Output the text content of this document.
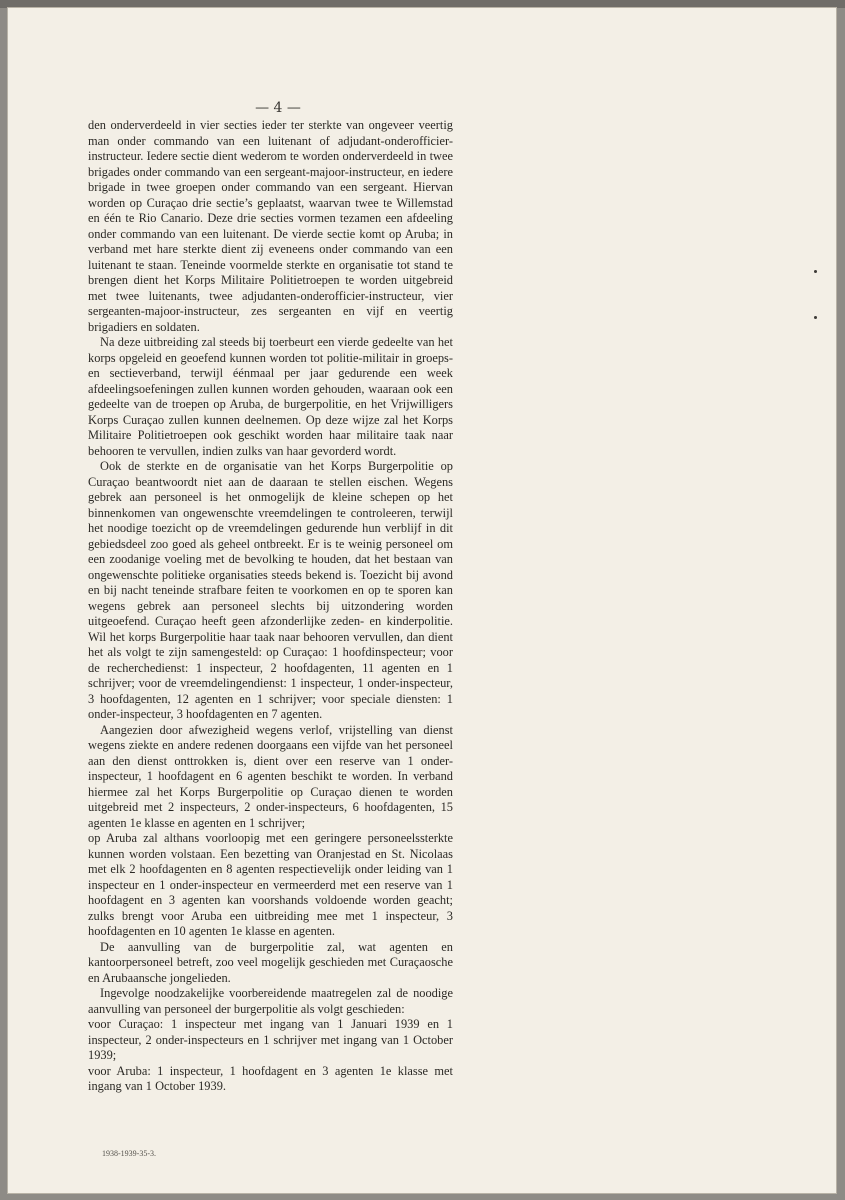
— 4 —

den onderverdeeld in vier secties ieder ter sterkte van ongeveer veertig man onder commando van een luitenant of adjudant-onderofficier-instructeur. Iedere sectie dient wederom te worden onderverdeeld in twee brigades onder commando van een sergeant-majoor-instructeur, en iedere brigade in twee groepen onder commando van een sergeant. Hiervan worden op Curaçao drie sectie’s geplaatst, waarvan twee te Willemstad en één te Rio Canario. Deze drie secties vormen tezamen een afdeeling onder commando van een luitenant. De vierde sectie komt op Aruba; in verband met hare sterkte dient zij eveneens onder commando van een luitenant te staan. Teneinde voormelde sterkte en organisatie tot stand te brengen dient het Korps Militaire Politietroepen te worden uitgebreid met twee luitenants, twee adjudanten-onderofficier-instructeur, vier sergeanten-majoor-instructeur, zes sergeanten en vijf en veertig brigadiers en soldaten.

Na deze uitbreiding zal steeds bij toerbeurt een vierde gedeelte van het korps opgeleid en geoefend kunnen worden tot politie-militair in groeps- en sectieverband, terwijl éénmaal per jaar gedurende een week afdeelingsoefeningen zullen kunnen worden gehouden, waaraan ook een gedeelte van de troepen op Aruba, de burgerpolitie, en het Vrijwilligers Korps Curaçao zullen kunnen deelnemen. Op deze wijze zal het Korps Militaire Politietroepen ook geschikt worden haar militaire taak naar behooren te vervullen, indien zulks van haar gevorderd wordt.

Ook de sterkte en de organisatie van het Korps Burgerpolitie op Curaçao beantwoordt niet aan de daaraan te stellen eischen. Wegens gebrek aan personeel is het onmogelijk de kleine schepen op het binnenkomen van ongewenschte vreemdelingen te controleeren, terwijl het noodige toezicht op de vreemdelingen gedurende hun verblijf in dit gebiedsdeel zoo goed als geheel ontbreekt. Er is te weinig personeel om een zoodanige voeling met de bevolking te houden, dat het bestaan van ongewenschte politieke organisaties steeds bekend is. Toezicht bij avond en bij nacht teneinde strafbare feiten te voorkomen en op te sporen kan wegens gebrek aan personeel slechts bij uitzondering worden uitgeoefend. Curaçao heeft geen afzonderlijke zeden- en kinderpolitie. Wil het korps Burgerpolitie haar taak naar behooren vervullen, dan dient het als volgt te zijn samengesteld: op Curaçao: 1 hoofdinspecteur; voor de recherchedienst: 1 inspecteur, 2 hoofdagenten, 11 agenten en 1 schrijver; voor de vreemdelingendienst: 1 inspecteur, 1 onder-inspecteur, 3 hoofdagenten, 12 agenten en 1 schrijver; voor speciale diensten: 1 onder-inspecteur, 3 hoofdagenten en 7 agenten.

Aangezien door afwezigheid wegens verlof, vrijstelling van dienst wegens ziekte en andere redenen doorgaans een vijfde van het personeel aan den dienst onttrokken is, dient over een reserve van 1 onder-inspecteur, 1 hoofdagent en 6 agenten beschikt te worden. In verband hiermee zal het Korps Burgerpolitie op Curaçao dienen te worden uitgebreid met 2 inspecteurs, 2 onder-inspecteurs, 6 hoofdagenten, 15 agenten 1e klasse en agenten en 1 schrijver;

op Aruba zal althans voorloopig met een geringere personeelssterkte kunnen worden volstaan. Een bezetting van Oranjestad en St. Nicolaas met elk 2 hoofdagenten en 8 agenten respectievelijk onder leiding van 1 inspecteur en 1 onder-inspecteur en vermeerderd met een reserve van 1 hoofdagent en 3 agenten kan voorshands voldoende worden geacht; zulks brengt voor Aruba een uitbreiding mee met 1 inspecteur, 3 hoofdagenten en 10 agenten 1e klasse en agenten.

De aanvulling van de burgerpolitie zal, wat agenten en kantoorpersoneel betreft, zoo veel mogelijk geschieden met Curaçaosche en Arubaansche jongelieden.

Ingevolge noodzakelijke voorbereidende maatregelen zal de noodige aanvulling van personeel der burgerpolitie als volgt geschieden:

voor Curaçao: 1 inspecteur met ingang van 1 Januari 1939 en 1 inspecteur, 2 onder-inspecteurs en 1 schrijver met ingang van 1 October 1939;

voor Aruba: 1 inspecteur, 1 hoofdagent en 3 agenten 1e klasse met ingang van 1 October 1939.

1938-1939-35-3.
